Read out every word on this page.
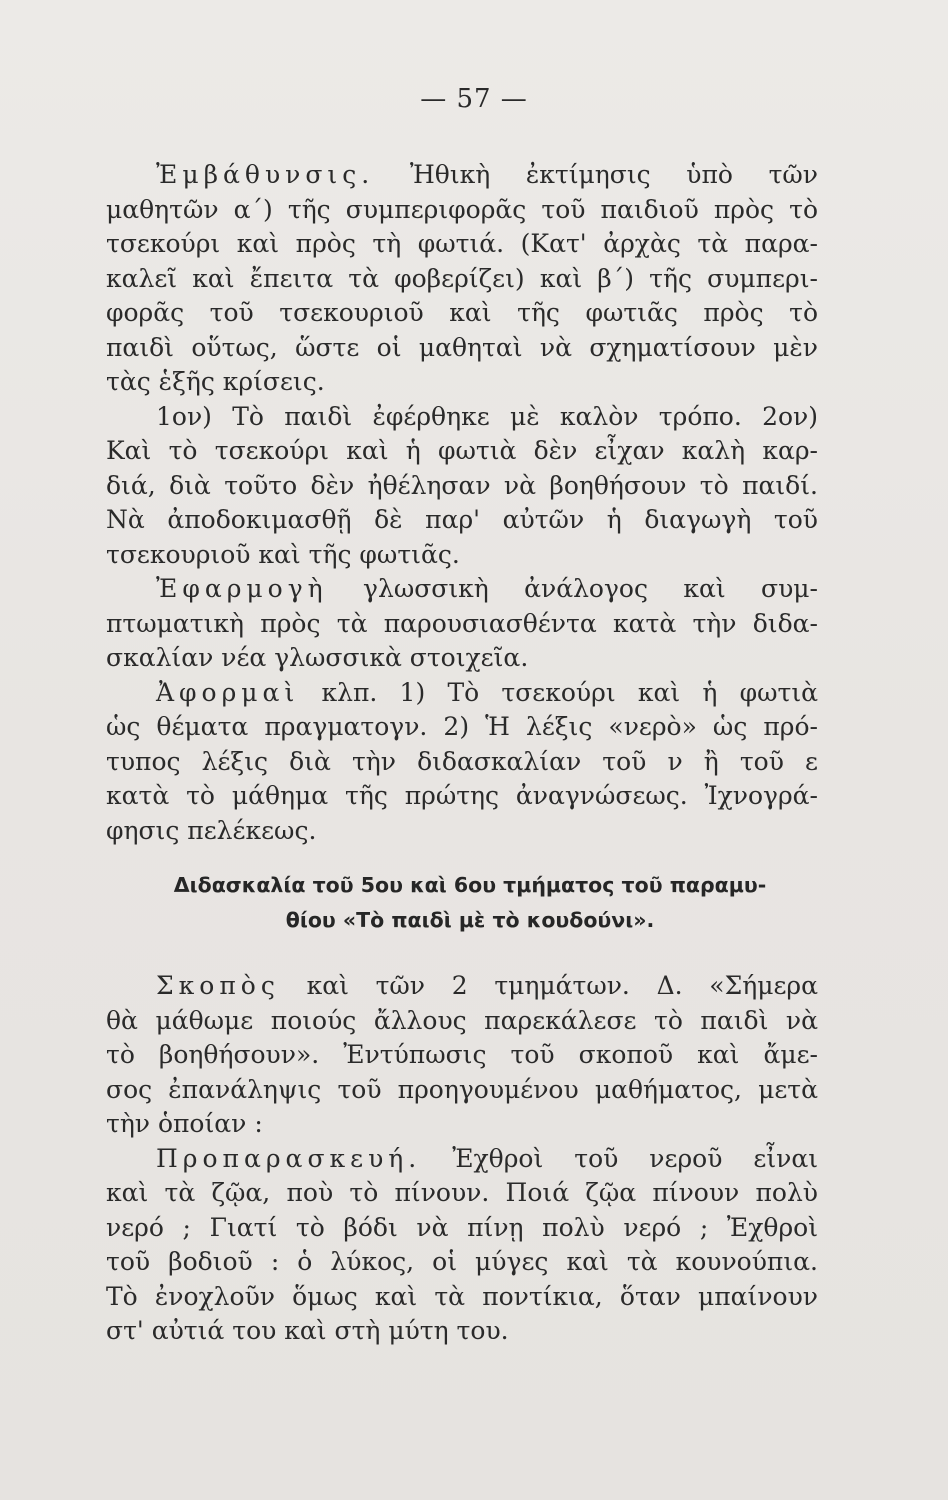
— 57 —
Ἐμβάθυνσις. Ἠθικὴ ἐκτίμησις ὑπὸ τῶν
μαθητῶν α΄) τῆς συμπεριφορᾶς τοῦ παιδιοῦ πρὸς τὸ
τσεκούρι καὶ πρὸς τὴ φωτιά. (Κατ' ἀρχὰς τὰ παρα-
καλεῖ καὶ ἔπειτα τὰ φοβερίζει) καὶ β΄) τῆς συμπερι-
φορᾶς τοῦ τσεκουριοῦ καὶ τῆς φωτιᾶς πρὸς τὸ
παιδὶ οὕτως, ὥστε οἱ μαθηταὶ νὰ σχηματίσουν μὲν
τὰς ἑξῆς κρίσεις.
1ον) Τὸ παιδὶ ἐφέρθηκε μὲ καλὸν τρόπο. 2ον)
Καὶ τὸ τσεκούρι καὶ ἡ φωτιὰ δὲν εἶχαν καλὴ καρ-
διά, διὰ τοῦτο δὲν ἠθέλησαν νὰ βοηθήσουν τὸ παιδί.
Νὰ ἀποδοκιμασθῇ δὲ παρ' αὐτῶν ἡ διαγωγὴ τοῦ
τσεκουριοῦ καὶ τῆς φωτιᾶς.
Ἐφαρμογὴ γλωσσικὴ ἀνάλογος καὶ συμ-
πτωματικὴ πρὸς τὰ παρουσιασθέντα κατὰ τὴν διδα-
σκαλίαν νέα γλωσσικὰ στοιχεῖα.
Ἀφορμαὶ κλπ. 1) Τὸ τσεκούρι καὶ ἡ φωτιὰ
ὡς θέματα πραγματογν. 2) Ἡ λέξις «νερὸ» ὡς πρό-
τυπος λέξις διὰ τὴν διδασκαλίαν τοῦ ν ἢ τοῦ ε
κατὰ τὸ μάθημα τῆς πρώτης ἀναγνώσεως. Ἰχνογρά-
φησις πελέκεως.
Διδασκαλία τοῦ 5ου καὶ 6ου τμήματος τοῦ παραμυ-
θίου «Τὸ παιδὶ μὲ τὸ κουδούνι».
Σκοπὸς καὶ τῶν 2 τμημάτων. Δ. «Σήμερα
θὰ μάθωμε ποιούς ἄλλους παρεκάλεσε τὸ παιδὶ νὰ
τὸ βοηθήσουν». Ἐντύπωσις τοῦ σκοποῦ καὶ ἄμε-
σος ἐπανάληψις τοῦ προηγουμένου μαθήματος, μετὰ
τὴν ὁποίαν :
Προπαρασκευή. Ἐχθροὶ τοῦ νεροῦ εἶναι
καὶ τὰ ζῷα, ποὺ τὸ πίνουν. Ποιά ζῷα πίνουν πολὺ
νερό ; Γιατί τὸ βόδι νὰ πίνῃ πολὺ νερό ; Ἐχθροὶ
τοῦ βοδιοῦ : ὁ λύκος, οἱ μύγες καὶ τὰ κουνούπια.
Τὸ ἐνοχλοῦν ὅμως καὶ τὰ ποντίκια, ὅταν μπαίνουν
στ' αὐτιά του καὶ στὴ μύτη του.
